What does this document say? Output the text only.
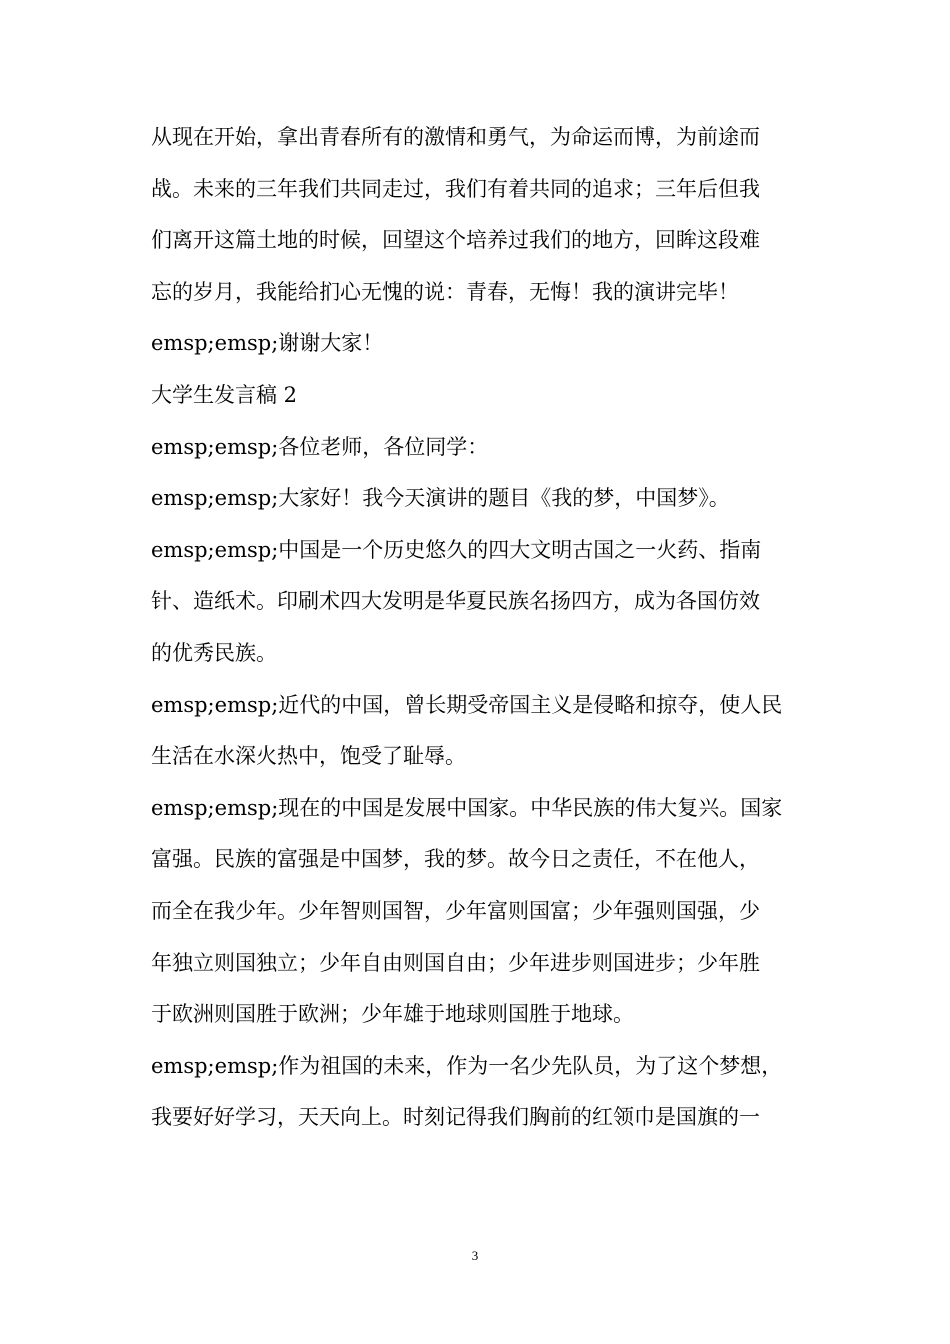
从现在开始，拿出青春所有的激情和勇气，为命运而博，为前途而
战。未来的三年我们共同走过，我们有着共同的追求；三年后但我
们离开这篇土地的时候，回望这个培养过我们的地方，回眸这段难
忘的岁月，我能给扪心无愧的说：青春，无悔！我的演讲完毕！
emsp;emsp;谢谢大家！
大学生发言稿 2
emsp;emsp;各位老师，各位同学：
emsp;emsp;大家好！我今天演讲的题目《我的梦，中国梦》。
emsp;emsp;中国是一个历史悠久的四大文明古国之一火药、指南
针、造纸术。印刷术四大发明是华夏民族名扬四方，成为各国仿效
的优秀民族。
emsp;emsp;近代的中国，曾长期受帝国主义是侵略和掠夺，使人民
生活在水深火热中，饱受了耻辱。
emsp;emsp;现在的中国是发展中国家。中华民族的伟大复兴。国家
富强。民族的富强是中国梦，我的梦。故今日之责任，不在他人，
而全在我少年。少年智则国智，少年富则国富；少年强则国强，少
年独立则国独立；少年自由则国自由；少年进步则国进步；少年胜
于欧洲则国胜于欧洲；少年雄于地球则国胜于地球。
emsp;emsp;作为祖国的未来，作为一名少先队员，为了这个梦想，
我要好好学习，天天向上。时刻记得我们胸前的红领巾是国旗的一
3
